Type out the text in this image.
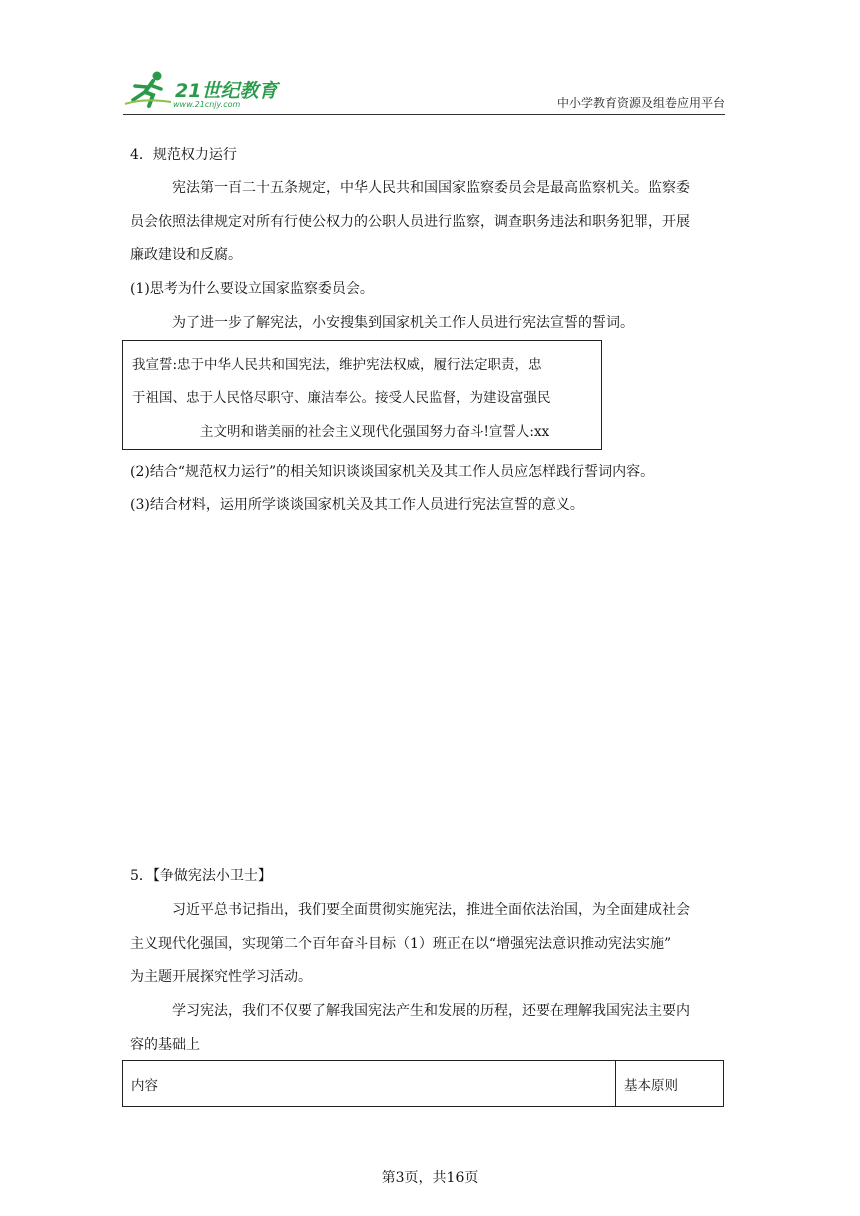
21世纪教育
www.21cnjy.com	中小学教育资源及组卷应用平台
4．规范权力运行
宪法第一百二十五条规定，中华人民共和国国家监察委员会是最高监察机关。监察委
员会依照法律规定对所有行使公权力的公职人员进行监察，调查职务违法和职务犯罪，开展
廉政建设和反腐。
(1)思考为什么要设立国家监察委员会。
为了进一步了解宪法，小安搜集到国家机关工作人员进行宪法宣誓的誓词。
我宣誓:忠于中华人民共和国宪法，维护宪法权威，履行法定职责，忠
于祖国、忠于人民恪尽职守、廉洁奉公。接受人民监督，为建设富强民
主文明和谐美丽的社会主义现代化强国努力奋斗!宣誓人:xx
(2)结合“规范权力运行”的相关知识谈谈国家机关及其工作人员应怎样践行誓词内容。
(3)结合材料，运用所学谈谈国家机关及其工作人员进行宪法宣誓的意义。
5．【争做宪法小卫士】
习近平总书记指出，我们要全面贯彻实施宪法，推进全面依法治国，为全面建成社会
主义现代化强国，实现第二个百年奋斗目标（1）班正在以“增强宪法意识推动宪法实施”
为主题开展探究性学习活动。
学习宪法，我们不仅要了解我国宪法产生和发展的历程，还要在理解我国宪法主要内
容的基础上
内容	基本原则
第3页，共16页
